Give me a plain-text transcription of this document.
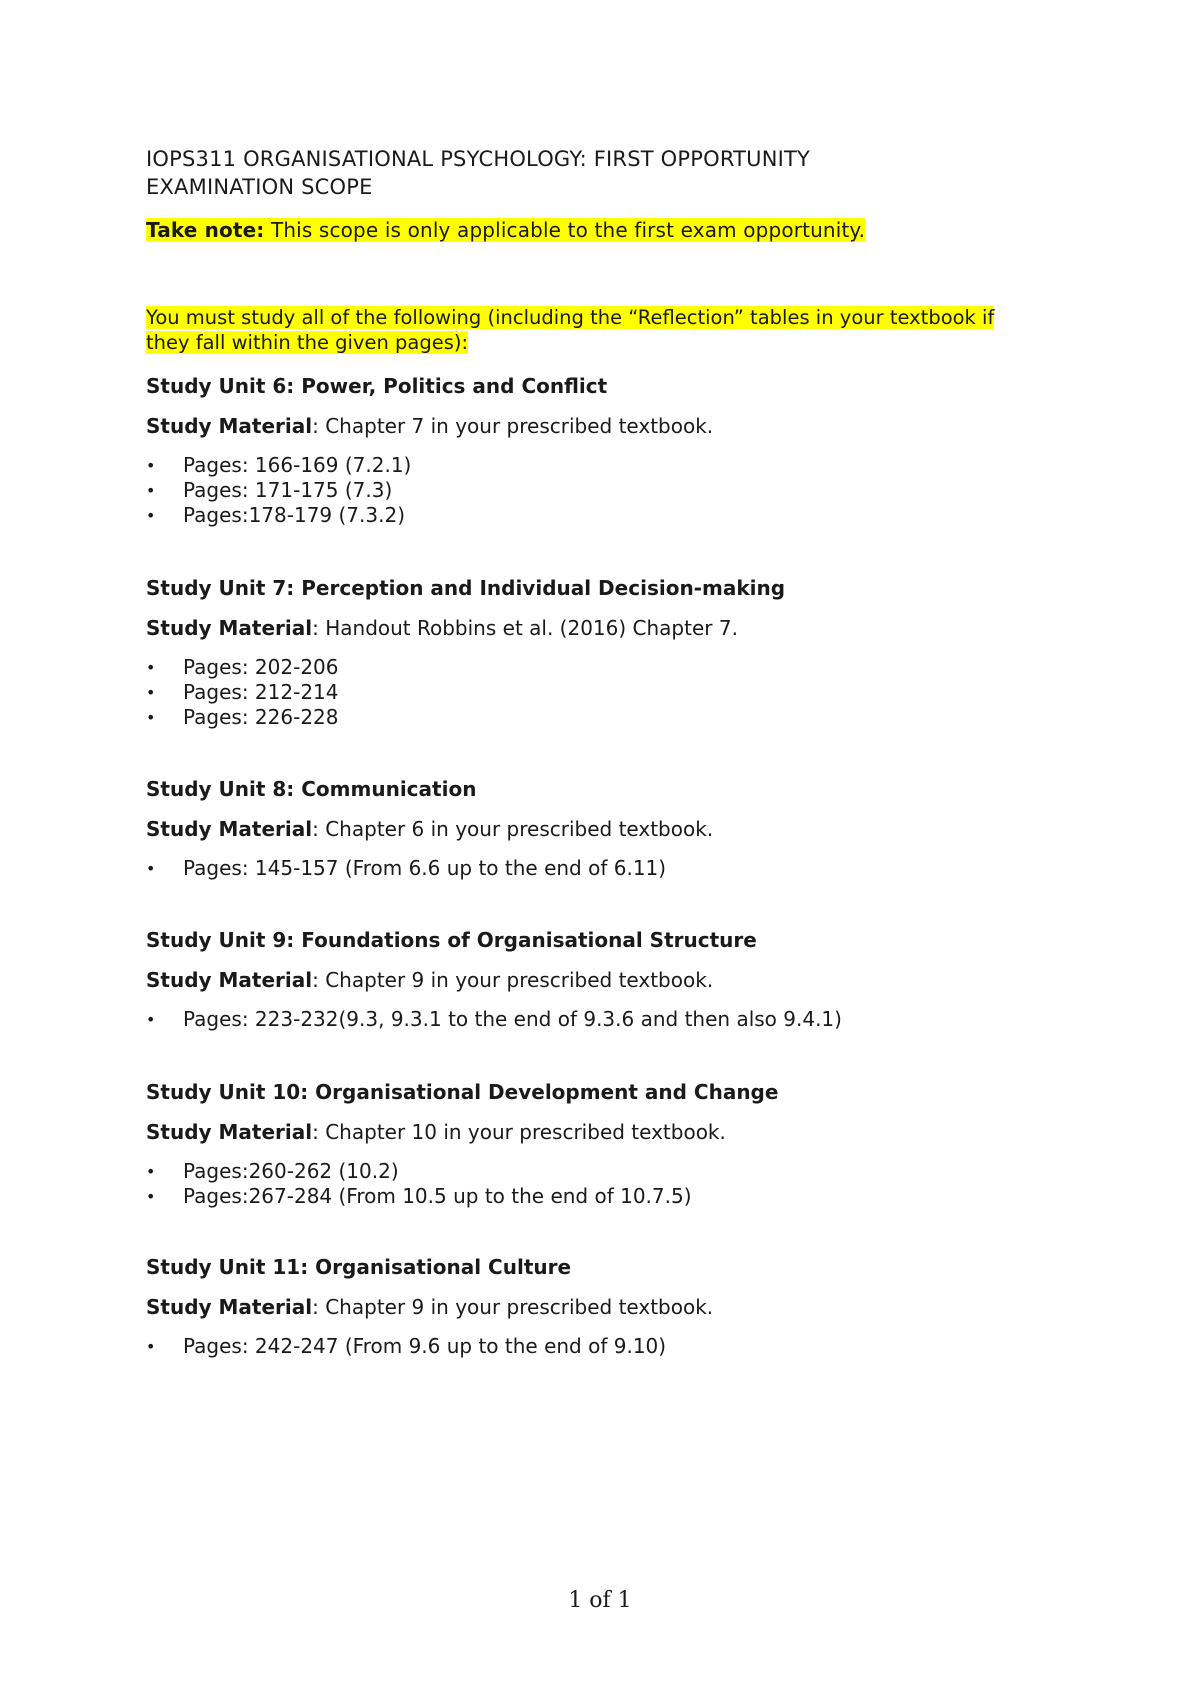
IOPS311 ORGANISATIONAL PSYCHOLOGY: FIRST OPPORTUNITY
EXAMINATION SCOPE

Take note: This scope is only applicable to the first exam opportunity.

You must study all of the following (including the “Reflection” tables in your textbook if
they fall within the given pages):

Study Unit 6: Power, Politics and Conflict

Study Material: Chapter 7 in your prescribed textbook.

• Pages: 166-169 (7.2.1)
• Pages: 171-175 (7.3)
• Pages:178-179 (7.3.2)

Study Unit 7: Perception and Individual Decision-making

Study Material: Handout Robbins et al. (2016) Chapter 7.

• Pages: 202-206
• Pages: 212-214
• Pages: 226-228

Study Unit 8: Communication

Study Material: Chapter 6 in your prescribed textbook.

• Pages: 145-157 (From 6.6 up to the end of 6.11)

Study Unit 9: Foundations of Organisational Structure

Study Material: Chapter 9 in your prescribed textbook.

• Pages: 223-232(9.3, 9.3.1 to the end of 9.3.6 and then also 9.4.1)

Study Unit 10: Organisational Development and Change

Study Material: Chapter 10 in your prescribed textbook.

• Pages:260-262 (10.2)
• Pages:267-284 (From 10.5 up to the end of 10.7.5)

Study Unit 11: Organisational Culture

Study Material: Chapter 9 in your prescribed textbook.

• Pages: 242-247 (From 9.6 up to the end of 9.10)
1 of 1
